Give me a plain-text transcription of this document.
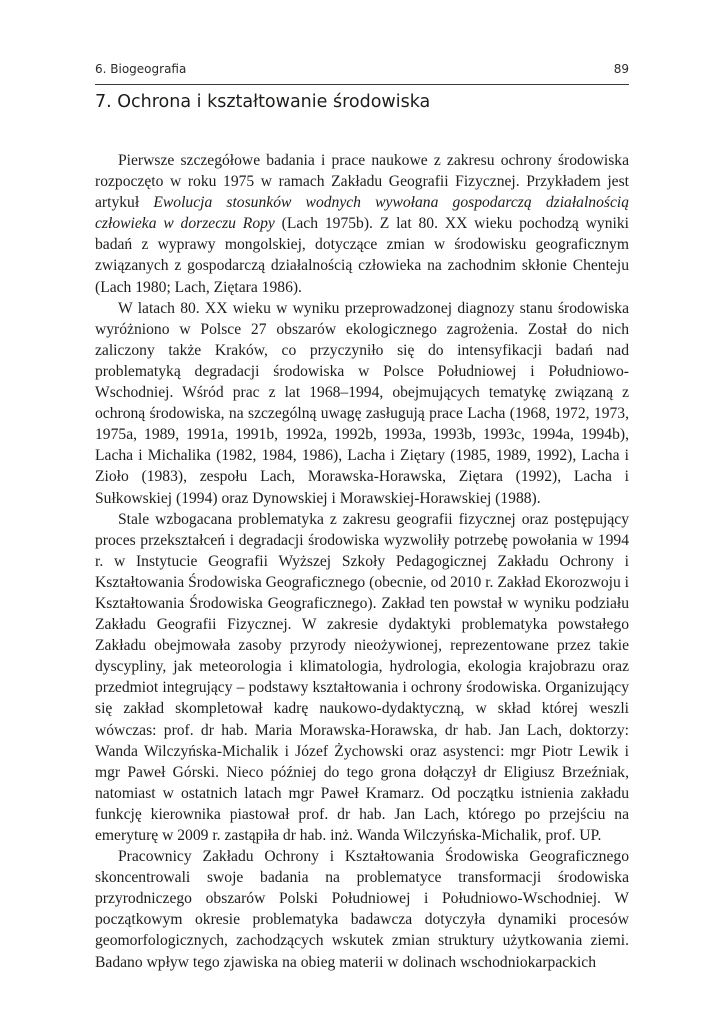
6. Biogeografia	89
7. Ochrona i kształtowanie środowiska

Pierwsze szczegółowe badania i prace naukowe z zakresu ochrony środowiska rozpoczęto w roku 1975 w ramach Zakładu Geografii Fizycznej. Przykładem jest artykuł Ewolucja stosunków wodnych wywołana gospodarczą działalnością człowieka w dorzeczu Ropy (Lach 1975b). Z lat 80. XX wieku pochodzą wyniki badań z wyprawy mongolskiej, dotyczące zmian w środowisku geograficznym związanych z gospodarczą działalnością człowieka na zachodnim skłonie Chenteju (Lach 1980; Lach, Ziętara 1986).

W latach 80. XX wieku w wyniku przeprowadzonej diagnozy stanu środowiska wyróżniono w Polsce 27 obszarów ekologicznego zagrożenia. Został do nich zaliczony także Kraków, co przyczyniło się do intensyfikacji badań nad problematyką degradacji środowiska w Polsce Południowej i Południowo-Wschodniej. Wśród prac z lat 1968–1994, obejmujących tematykę związaną z ochroną środowiska, na szczególną uwagę zasługują prace Lacha (1968, 1972, 1973, 1975a, 1989, 1991a, 1991b, 1992a, 1992b, 1993a, 1993b, 1993c, 1994a, 1994b), Lacha i Michalika (1982, 1984, 1986), Lacha i Ziętary (1985, 1989, 1992), Lacha i Zioło (1983), zespołu Lach, Morawska-Horawska, Ziętara (1992), Lacha i Sułkowskiej (1994) oraz Dynowskiej i Morawskiej-Horawskiej (1988).

Stale wzbogacana problematyka z zakresu geografii fizycznej oraz postępujący proces przekształceń i degradacji środowiska wyzwoliły potrzebę powołania w 1994 r. w Instytucie Geografii Wyższej Szkoły Pedagogicznej Zakładu Ochrony i Kształtowania Środowiska Geograficznego (obecnie, od 2010 r. Zakład Ekorozwoju i Kształtowania Środowiska Geograficznego). Zakład ten powstał w wyniku podziału Zakładu Geografii Fizycznej. W zakresie dydaktyki problematyka powstałego Zakładu obejmowała zasoby przyrody nieożywionej, reprezentowane przez takie dyscypliny, jak meteorologia i klimatologia, hydrologia, ekologia krajobrazu oraz przedmiot integrujący – podstawy kształtowania i ochrony środowiska. Organizujący się zakład skompletował kadrę naukowo-dydaktyczną, w skład której weszli wówczas: prof. dr hab. Maria Morawska-Horawska, dr hab. Jan Lach, doktorzy: Wanda Wilczyńska-Michalik i Józef Żychowski oraz asystenci: mgr Piotr Lewik i mgr Paweł Górski. Nieco później do tego grona dołączył dr Eligiusz Brzeźniak, natomiast w ostatnich latach mgr Paweł Kramarz. Od początku istnienia zakładu funkcję kierownika piastował prof. dr hab. Jan Lach, którego po przejściu na emeryturę w 2009 r. zastąpiła dr hab. inż. Wanda Wilczyńska-Michalik, prof. UP.

Pracownicy Zakładu Ochrony i Kształtowania Środowiska Geograficznego skoncentrowali swoje badania na problematyce transformacji środowiska przyrodniczego obszarów Polski Południowej i Południowo-Wschodniej. W początkowym okresie problematyka badawcza dotyczyła dynamiki procesów geomorfologicznych, zachodzących wskutek zmian struktury użytkowania ziemi. Badano wpływ tego zjawiska na obieg materii w dolinach wschodniokarpackich
